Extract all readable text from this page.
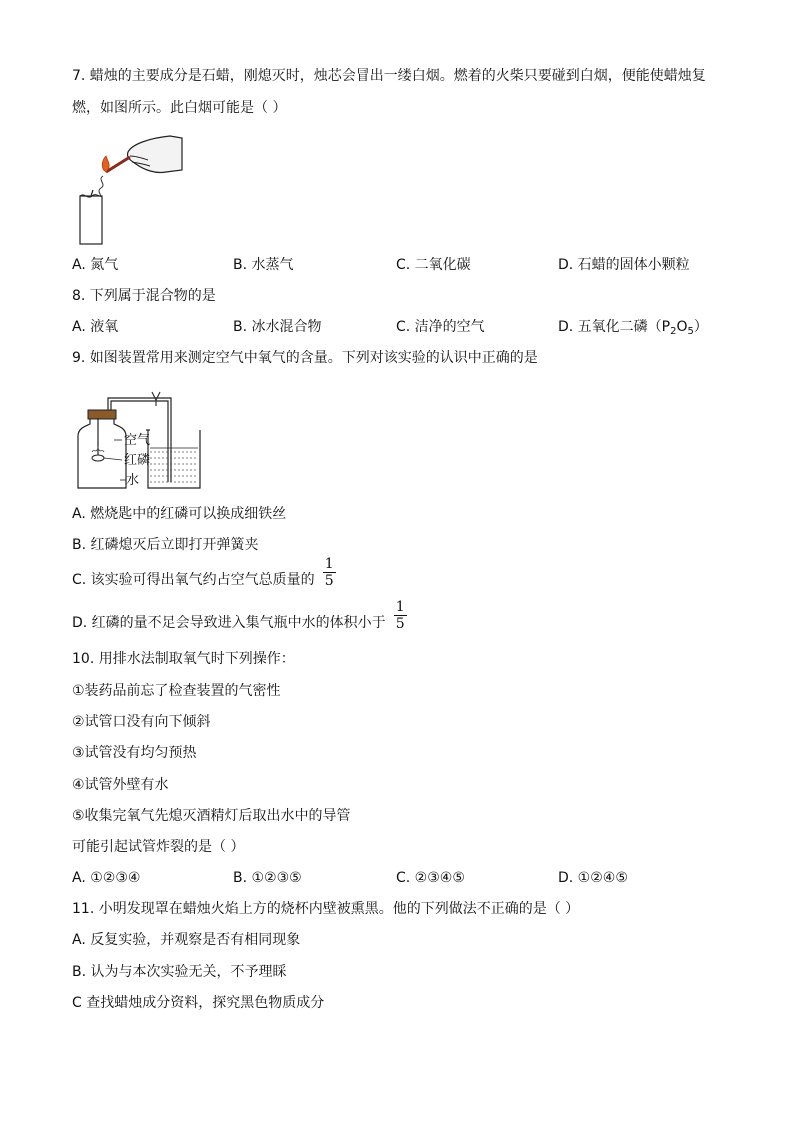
7. 蜡烛的主要成分是石蜡，刚熄灭时，烛芯会冒出一缕白烟。燃着的火柴只要碰到白烟，便能使蜡烛复
燃，如图所示。此白烟可能是（ ）
A. 氮气	B. 水蒸气	C. 二氧化碳	D. 石蜡的固体小颗粒
8. 下列属于混合物的是
A. 液氧	B. 冰水混合物	C. 洁净的空气	D. 五氧化二磷$(P_2O_5)$
9. 如图装置常用来测定空气中氧气的含量。下列对该实验的认识中正确的是
空气
红磷
水
A. 燃烧匙中的红磷可以换成细铁丝
B. 红磷熄灭后立即打开弹簧夹
C. 该实验可得出氧气约占空气总质量的 $\frac{1}{5}$
D. 红磷的量不足会导致进入集气瓶中水的体积小于 $\frac{1}{5}$
10. 用排水法制取氧气时下列操作：
①装药品前忘了检查装置的气密性
②试管口没有向下倾斜
③试管没有均匀预热
④试管外壁有水
⑤收集完氧气先熄灭酒精灯后取出水中的导管
可能引起试管炸裂的是（ ）
A. ①②③④	B. ①②③⑤	C. ②③④⑤	D. ①②④⑤
11. 小明发现罩在蜡烛火焰上方的烧杯内壁被熏黑。他的下列做法不正确的是（ ）
A. 反复实验，并观察是否有相同现象
B. 认为与本次实验无关，不予理睬
C 查找蜡烛成分资料，探究黑色物质成分
